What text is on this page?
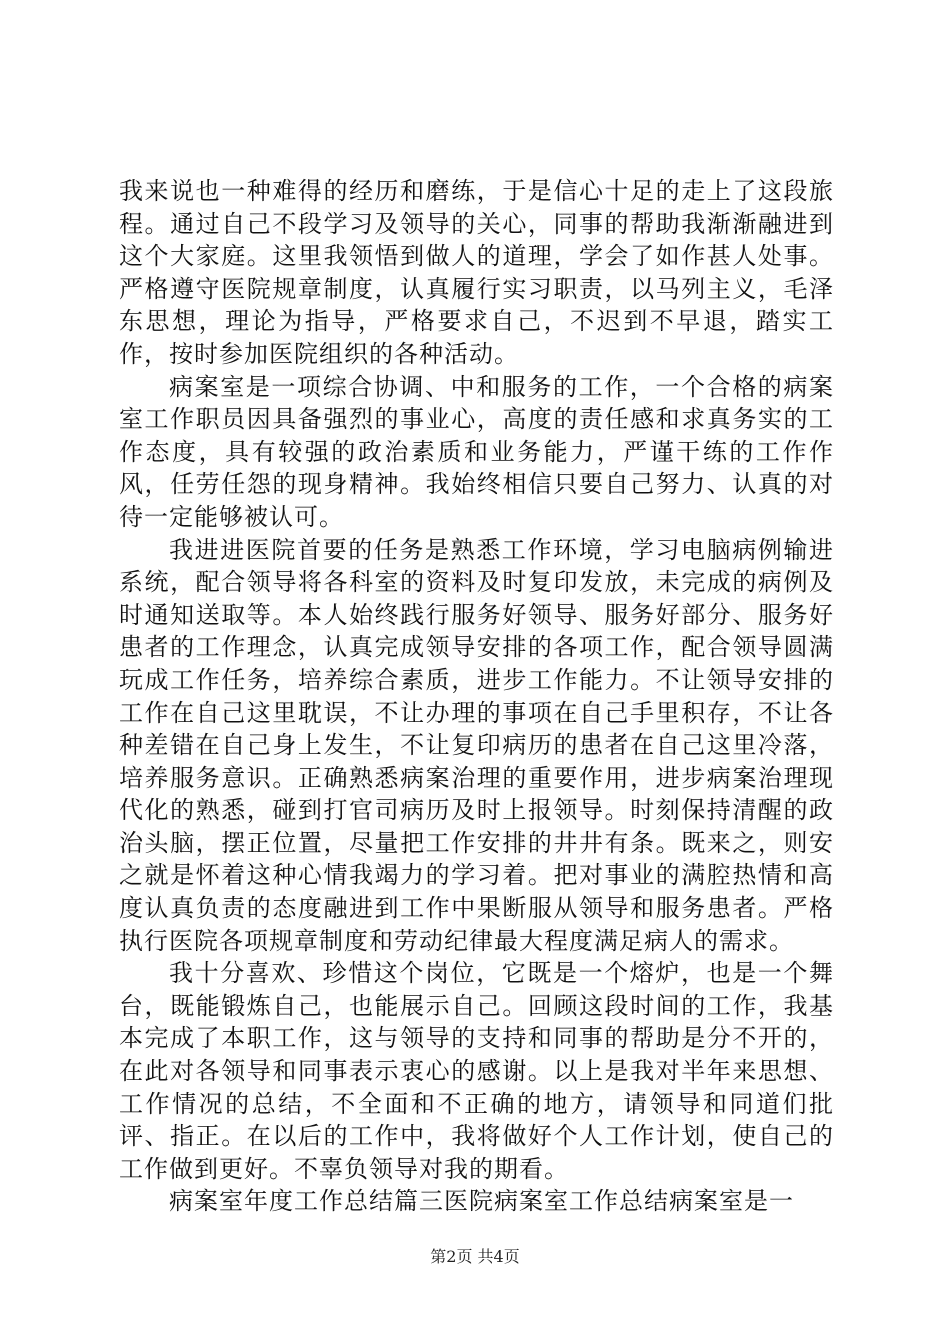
我来说也一种难得的经历和磨练，于是信心十足的走上了这段旅程。通过自己不段学习及领导的关心，同事的帮助我渐渐融进到这个大家庭。这里我领悟到做人的道理，学会了如作甚人处事。严格遵守医院规章制度，认真履行实习职责，以马列主义，毛泽东思想，理论为指导，严格要求自己，不迟到不早退，踏实工作，按时参加医院组织的各种活动。

病案室是一项综合协调、中和服务的工作，一个合格的病案室工作职员因具备强烈的事业心，高度的责任感和求真务实的工作态度，具有较强的政治素质和业务能力，严谨干练的工作作风，任劳任怨的现身精神。我始终相信只要自己努力、认真的对待一定能够被认可。

我进进医院首要的任务是熟悉工作环境，学习电脑病例输进系统，配合领导将各科室的资料及时复印发放，未完成的病例及时通知送取等。本人始终践行服务好领导、服务好部分、服务好患者的工作理念，认真完成领导安排的各项工作，配合领导圆满玩成工作任务，培养综合素质，进步工作能力。不让领导安排的工作在自己这里耽误，不让办理的事项在自己手里积存，不让各种差错在自己身上发生，不让复印病历的患者在自己这里冷落，培养服务意识。正确熟悉病案治理的重要作用，进步病案治理现代化的熟悉，碰到打官司病历及时上报领导。时刻保持清醒的政治头脑，摆正位置，尽量把工作安排的井井有条。既来之，则安之就是怀着这种心情我竭力的学习着。把对事业的满腔热情和高度认真负责的态度融进到工作中果断服从领导和服务患者。严格执行医院各项规章制度和劳动纪律最大程度满足病人的需求。

我十分喜欢、珍惜这个岗位，它既是一个熔炉，也是一个舞台，既能锻炼自己，也能展示自己。回顾这段时间的工作，我基本完成了本职工作，这与领导的支持和同事的帮助是分不开的，在此对各领导和同事表示衷心的感谢。以上是我对半年来思想、工作情况的总结，不全面和不正确的地方，请领导和同道们批评、指正。在以后的工作中，我将做好个人工作计划，使自己的工作做到更好。不辜负领导对我的期看。

病案室年度工作总结篇三医院病案室工作总结病案室是一

第2页 共4页
